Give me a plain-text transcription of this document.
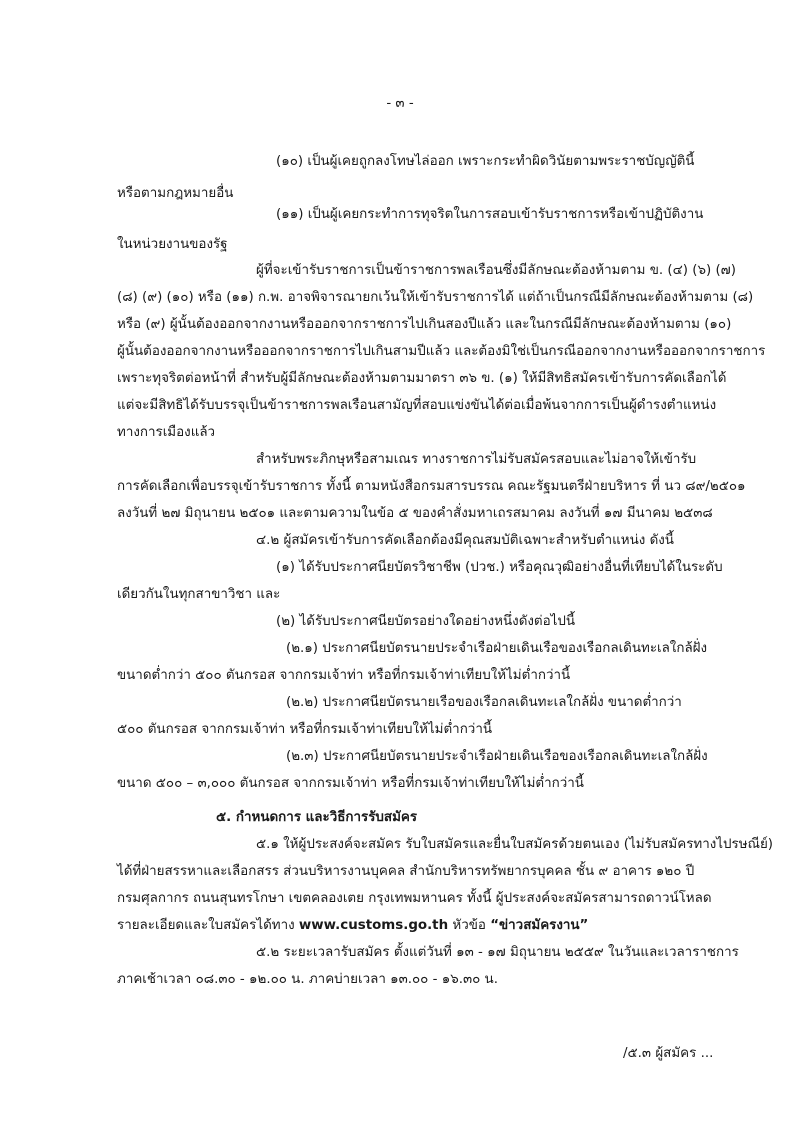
- ๓ -
(๑๐) เป็นผู้เคยถูกลงโทษไล่ออก เพราะกระทำผิดวินัยตามพระราชบัญญัตินี้
หรือตามกฎหมายอื่น
(๑๑) เป็นผู้เคยกระทำการทุจริตในการสอบเข้ารับราชการหรือเข้าปฏิบัติงาน
ในหน่วยงานของรัฐ
ผู้ที่จะเข้ารับราชการเป็นข้าราชการพลเรือนซึ่งมีลักษณะต้องห้ามตาม ข. (๔) (๖) (๗)
(๘) (๙) (๑๐) หรือ (๑๑) ก.พ. อาจพิจารณายกเว้นให้เข้ารับราชการได้ แต่ถ้าเป็นกรณีมีลักษณะต้องห้ามตาม (๘)
หรือ (๙) ผู้นั้นต้องออกจากงานหรือออกจากราชการไปเกินสองปีแล้ว และในกรณีมีลักษณะต้องห้ามตาม (๑๐)
ผู้นั้นต้องออกจากงานหรือออกจากราชการไปเกินสามปีแล้ว และต้องมิใช่เป็นกรณีออกจากงานหรือออกจากราชการ
เพราะทุจริตต่อหน้าที่ สำหรับผู้มีลักษณะต้องห้ามตามมาตรา ๓๖ ข. (๑) ให้มีสิทธิสมัครเข้ารับการคัดเลือกได้
แต่จะมีสิทธิได้รับบรรจุเป็นข้าราชการพลเรือนสามัญที่สอบแข่งขันได้ต่อเมื่อพ้นจากการเป็นผู้ดำรงตำแหน่ง
ทางการเมืองแล้ว
สำหรับพระภิกษุหรือสามเณร ทางราชการไม่รับสมัครสอบและไม่อาจให้เข้ารับ
การคัดเลือกเพื่อบรรจุเข้ารับราชการ ทั้งนี้ ตามหนังสือกรมสารบรรณ คณะรัฐมนตรีฝ่ายบริหาร ที่ นว ๘๙/๒๕๐๑
ลงวันที่ ๒๗ มิถุนายน ๒๕๐๑ และตามความในข้อ ๕ ของคำสั่งมหาเถรสมาคม ลงวันที่ ๑๗ มีนาคม ๒๕๓๘
๔.๒ ผู้สมัครเข้ารับการคัดเลือกต้องมีคุณสมบัติเฉพาะสำหรับตำแหน่ง ดังนี้
(๑) ได้รับประกาศนียบัตรวิชาชีพ (ปวช.) หรือคุณวุฒิอย่างอื่นที่เทียบได้ในระดับ
เดียวกันในทุกสาขาวิชา และ
(๒) ได้รับประกาศนียบัตรอย่างใดอย่างหนึ่งดังต่อไปนี้
(๒.๑) ประกาศนียบัตรนายประจำเรือฝ่ายเดินเรือของเรือกลเดินทะเลใกล้ฝั่ง
ขนาดต่ำกว่า ๕๐๐ ตันกรอส จากกรมเจ้าท่า หรือที่กรมเจ้าท่าเทียบให้ไม่ต่ำกว่านี้
(๒.๒) ประกาศนียบัตรนายเรือของเรือกลเดินทะเลใกล้ฝั่ง ขนาดต่ำกว่า
๕๐๐ ตันกรอส จากกรมเจ้าท่า หรือที่กรมเจ้าท่าเทียบให้ไม่ต่ำกว่านี้
(๒.๓) ประกาศนียบัตรนายประจำเรือฝ่ายเดินเรือของเรือกลเดินทะเลใกล้ฝั่ง
ขนาด ๕๐๐ – ๓,๐๐๐ ตันกรอส จากกรมเจ้าท่า หรือที่กรมเจ้าท่าเทียบให้ไม่ต่ำกว่านี้
๕. กำหนดการ และวิธีการรับสมัคร
๕.๑ ให้ผู้ประสงค์จะสมัคร รับใบสมัครและยื่นใบสมัครด้วยตนเอง (ไม่รับสมัครทางไปรษณีย์)
ได้ที่ฝ่ายสรรหาและเลือกสรร ส่วนบริหารงานบุคคล สำนักบริหารทรัพยากรบุคคล ชั้น ๙ อาคาร ๑๒๐ ปี
กรมศุลกากร ถนนสุนทรโกษา เขตคลองเตย กรุงเทพมหานคร ทั้งนี้ ผู้ประสงค์จะสมัครสามารถดาวน์โหลด
รายละเอียดและใบสมัครได้ทาง www.customs.go.th หัวข้อ “ข่าวสมัครงาน”
๕.๒ ระยะเวลารับสมัคร ตั้งแต่วันที่ ๑๓ - ๑๗ มิถุนายน ๒๕๕๙ ในวันและเวลาราชการ
ภาคเช้าเวลา ๐๘.๓๐ - ๑๒.๐๐ น. ภาคบ่ายเวลา ๑๓.๐๐ - ๑๖.๓๐ น.
/๕.๓ ผู้สมัคร ...
